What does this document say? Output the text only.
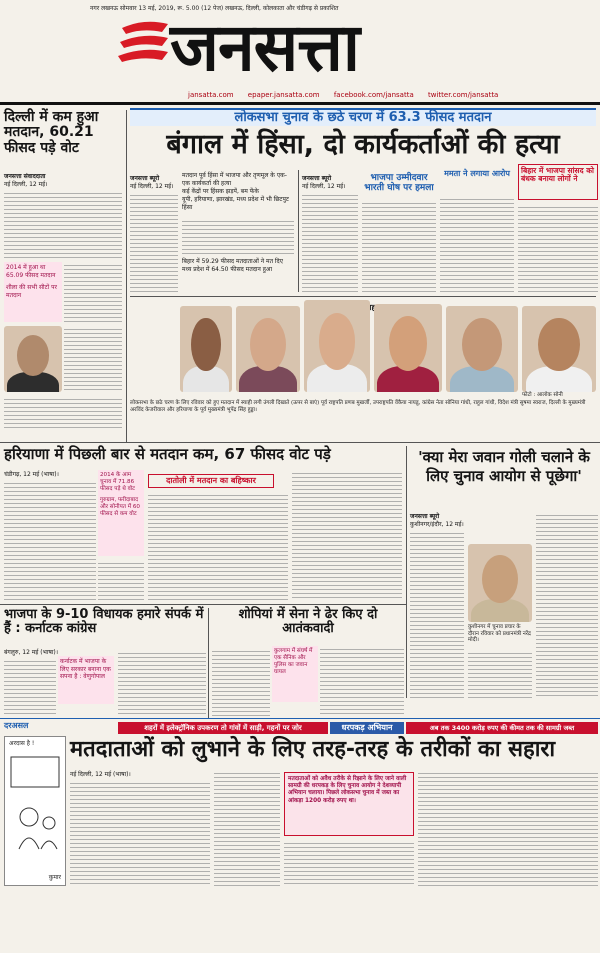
नगर लखनऊ सोमवार 13 मई, 2019, रू. 5.00 (12 पेज) लखनऊ, दिल्ली, कोलकाता और चंडीगढ़ से प्रकाशित
जनसत्ता
jansatta.com epaper.jansatta.com facebook.com/jansatta twitter.com/jansatta
दिल्ली में कम हुआ मतदान, 60.21 फीसद पड़े वोट
जनसत्ता संवाददाता
नई दिल्ली, 12 मई।
2014 में हुआ था 65.09 फीसद मतदान
शीला की सभी सीटों पर मतदान
लोकसभा चुनाव के छठे चरण में 63.3 फीसद मतदान
बंगाल में हिंसा, दो कार्यकर्ताओं की हत्या
जनसत्ता ब्यूरो
नई दिल्ली, 12 मई।
मतदान पूर्व हिंसा में भाजपा और तृणमूल के एक-एक कार्यकर्ता की हत्या
कई केंद्रों पर हिंसक झड़पें, बम फेंके
यूपी, हरियाणा, झारखंड, मध्य प्रदेश में भी छिटपुट हिंसा
बिहार में 59.29 फीसद मतदाताओं ने मत दिए
मध्य प्रदेश में 64.50 फीसद मतदान हुआ
जनसत्ता ब्यूरो
नई दिल्ली, 12 मई।
भाजपा उम्मीदवार भारती घोष पर हमला
ममता ने लगाया आरोप	बिहार में भाजपा सांसद को बंधक बनाया लोगों ने
फोटो : आलोक सोनी
लोकसभा के छठे चरण के लिए रविवार को हुए मतदान में स्याही लगी उंगली दिखाते (ऊपर से बाएं) पूर्व राष्ट्रपति प्रणब मुखर्जी, उपराष्ट्रपति वेंकैया नायडू, कांग्रेस नेता सोनिया गांधी, राहुल गांधी, विदेश मंत्री सुषमा स्वराज, दिल्ली के मुख्यमंत्री अरविंद केजरीवाल और हरियाणा के पूर्व मुख्यमंत्री भूपेंद्र सिंह हुड्डा।
हरियाणा में पिछली बार से मतदान कम, 67 फीसद वोट पड़े
चंडीगढ़, 12 मई (भाषा)।	2014 के आम चुनाव में 71.86 फीसद पड़े थे वोट
गुरुग्राम, फरीदाबाद और सोनीपत में 60 फीसद से कम वोट
दातोली में मतदान का बहिष्कार
'क्या मेरा जवान गोली चलाने के लिए चुनाव आयोग से पूछेगा'
जनसत्ता ब्यूरो
कुशीनगर/इंदौर, 12 मई।
कुशीनगर में चुनाव प्रचार के दौरान रविवार को प्रधानमंत्री नरेंद्र मोदी।
भाजपा के 9-10 विधायक हमारे संपर्क में हैं : कर्नाटक कांग्रेस
बंगलुरु, 12 मई (भाषा)।
कर्नाटक में भाजपा के लिए सरकार बनाना एक सपना है : वेणुगोपाल
शोपियां में सेना ने ढेर किए दो आतंकवादी
कुलगाम में संघर्ष में एक सैनिक और पुलिस का जवान घायल
दरअसल	शहरों में इलेक्ट्रॉनिक उपकरण तो गांवों में साड़ी, गहनों पर जोर	धरपकड़ अभियान	अब तक 3400 करोड़ रुपए की कीमत तक की सामग्री जब्त
अरदास है !
कुमार
मतदाताओं को लुभाने के लिए तरह-तरह के तरीकों का सहारा
नई दिल्ली, 12 मई (भाषा)।
मतदाताओं को अवैध तरीके से रिझाने के लिए जाने वाली सामग्री की धरपकड़ के लिए चुनाव आयोग ने देशव्यापी अभियान चलाया। पिछले लोकसभा चुनाव में जब्त का आंकड़ा 1200 करोड़ रुपए था।
